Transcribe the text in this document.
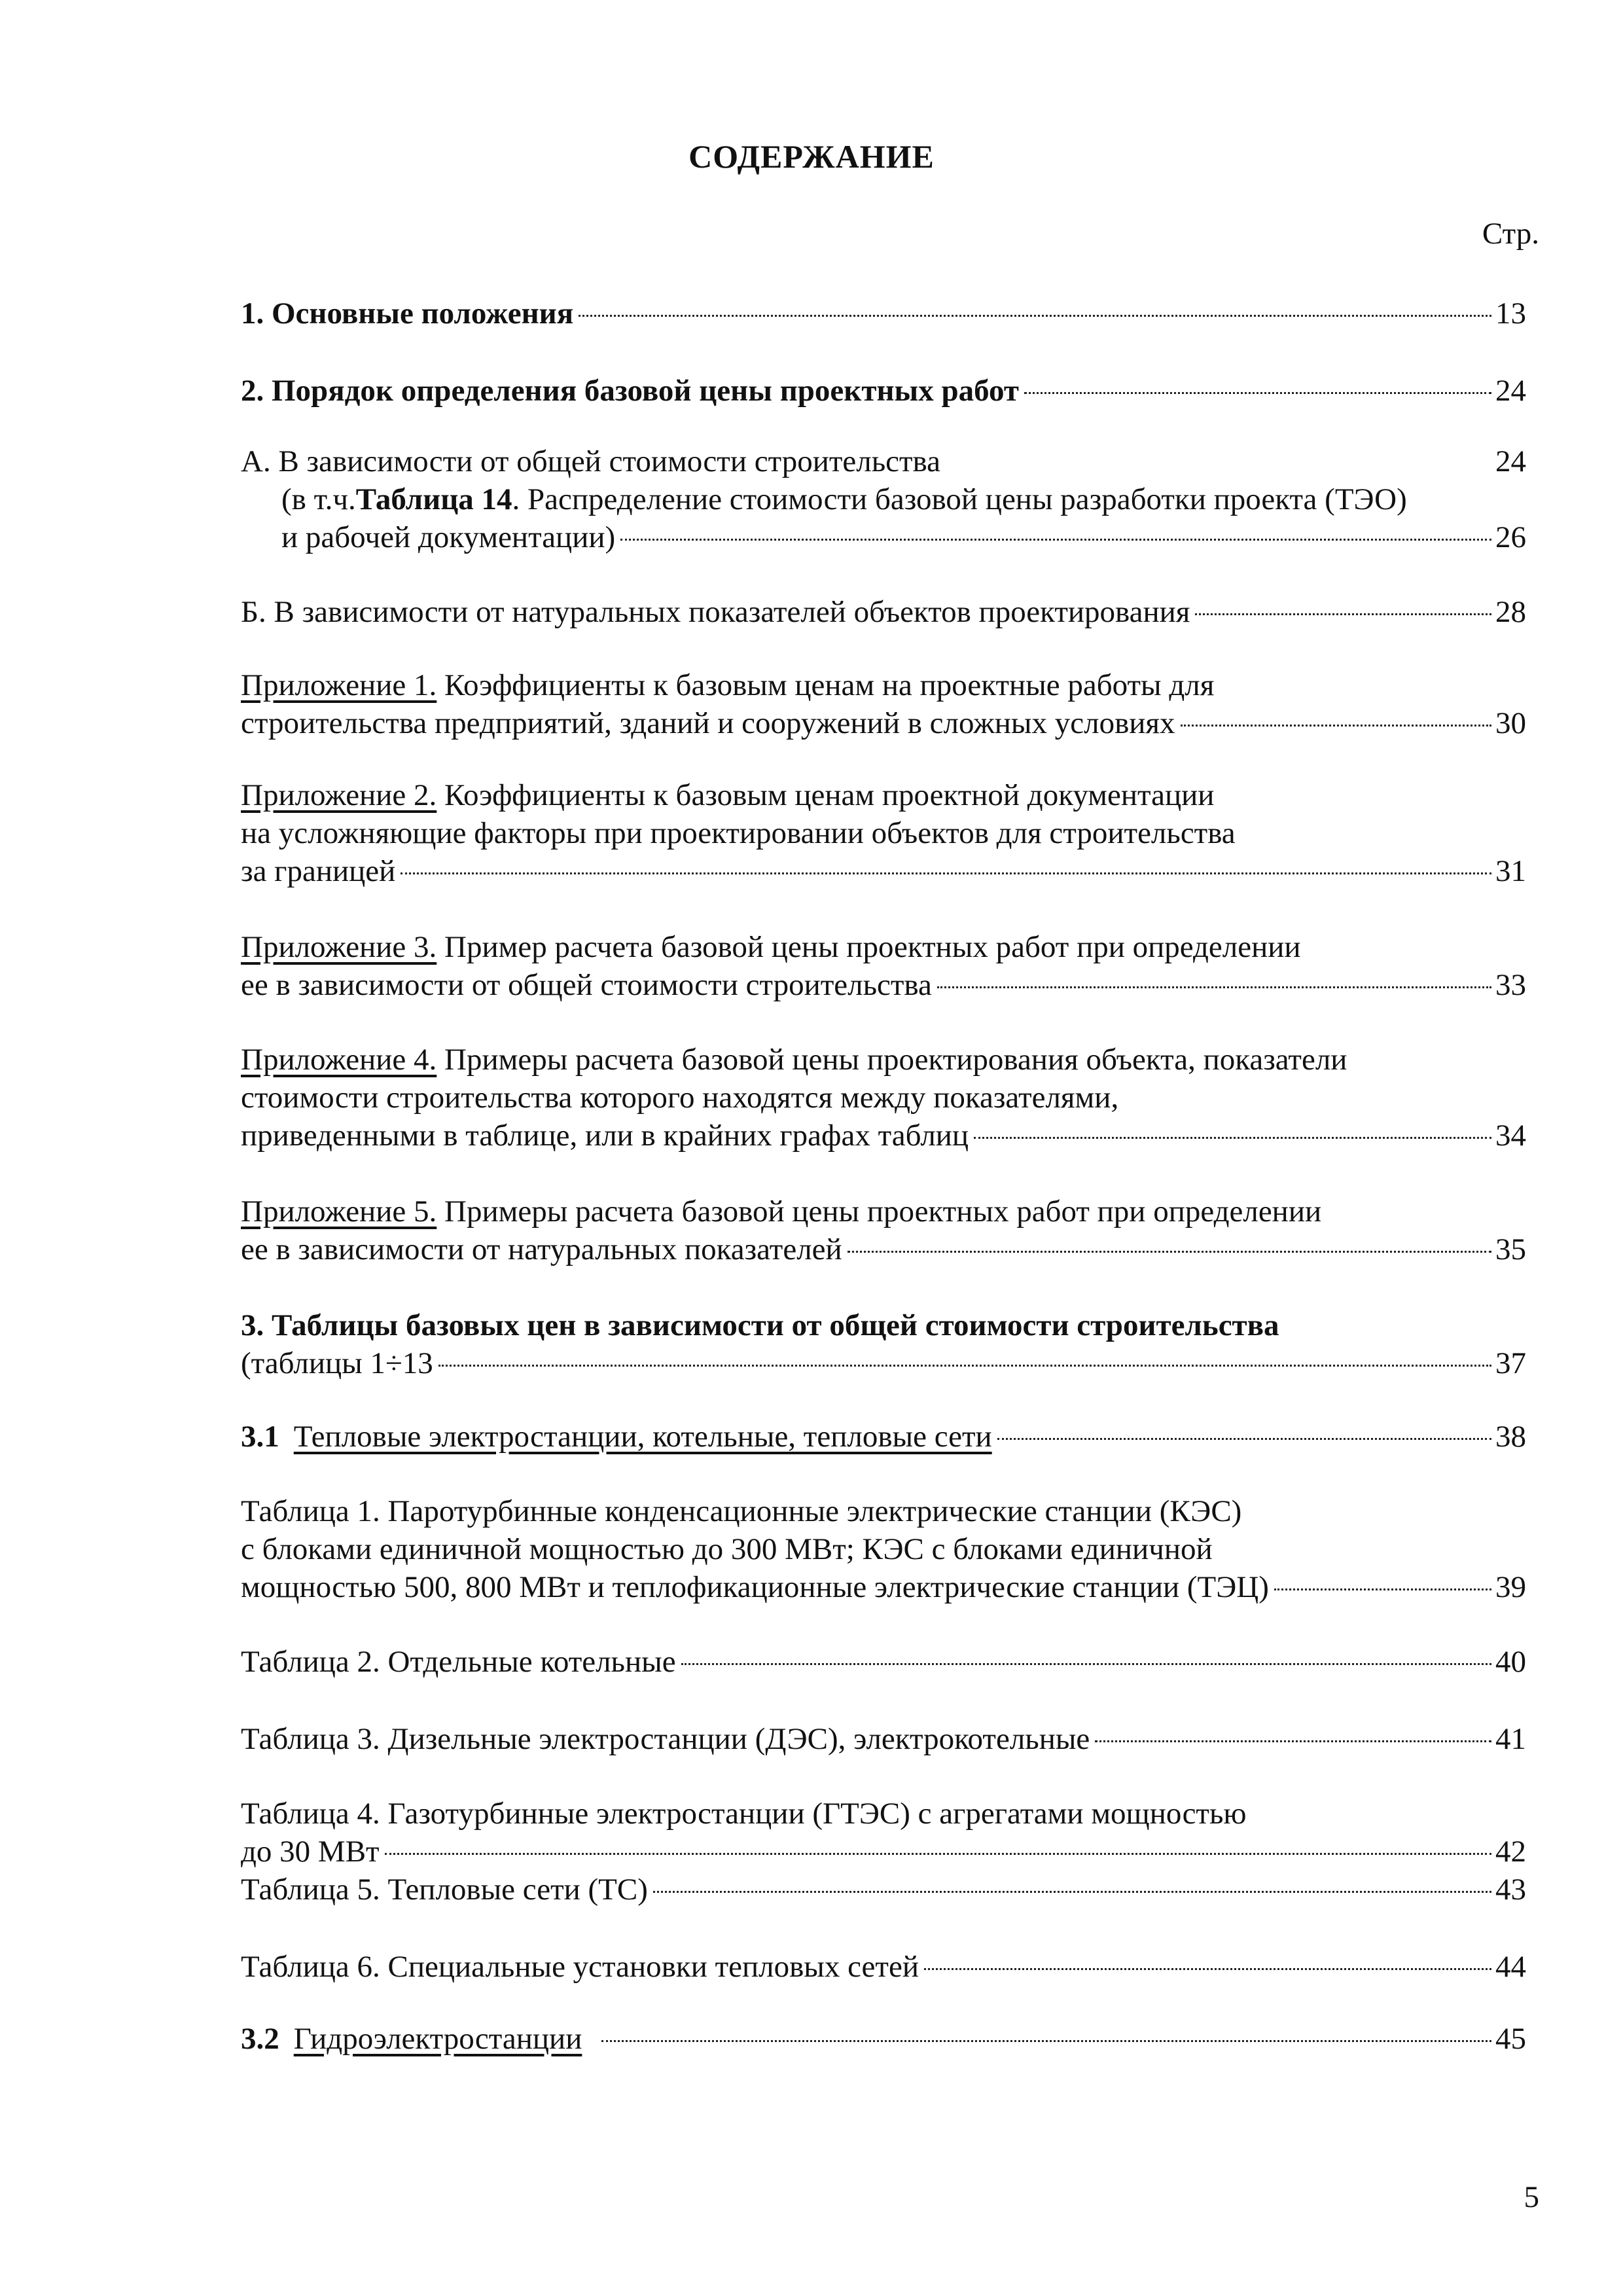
СОДЕРЖАНИЕ
Стр.
1. Основные положения	13
2. Порядок определения базовой цены проектных работ	24
А. В зависимости от общей стоимости строительства	24
(в т.ч.Таблица 14. Распределение стоимости базовой цены разработки проекта (ТЭО)
и рабочей документации)	26
Б. В зависимости от натуральных показателей объектов проектирования	28
Приложение 1. Коэффициенты к базовым ценам на проектные работы для
строительства предприятий, зданий и сооружений в сложных условиях	30
Приложение 2. Коэффициенты к базовым ценам проектной документации
на усложняющие факторы при проектировании объектов для строительства
за границей	31
Приложение 3. Пример расчета базовой цены проектных работ при определении
ее в зависимости от общей стоимости строительства	33
Приложение 4. Примеры расчета базовой цены проектирования объекта, показатели
стоимости строительства которого находятся между показателями,
приведенными в таблице, или в крайних графах таблиц	34
Приложение 5. Примеры расчета базовой цены проектных работ при определении
ее в зависимости от натуральных показателей	35
3. Таблицы базовых цен в зависимости от общей стоимости строительства
(таблицы 1÷13	37
3.1 Тепловые электростанции, котельные, тепловые сети	38
Таблица 1. Паротурбинные конденсационные электрические станции (КЭС)
с блоками единичной мощностью до 300 МВт; КЭС с блоками единичной
мощностью 500, 800 МВт и теплофикационные электрические станции (ТЭЦ)	39
Таблица 2. Отдельные котельные	40
Таблица 3. Дизельные электростанции (ДЭС), электрокотельные	41
Таблица 4. Газотурбинные электростанции (ГТЭС) с агрегатами мощностью
до 30 МВт	42
Таблица 5. Тепловые сети (ТС)	43
Таблица 6. Специальные установки тепловых сетей	44
3.2 Гидроэлектростанции	45
5
